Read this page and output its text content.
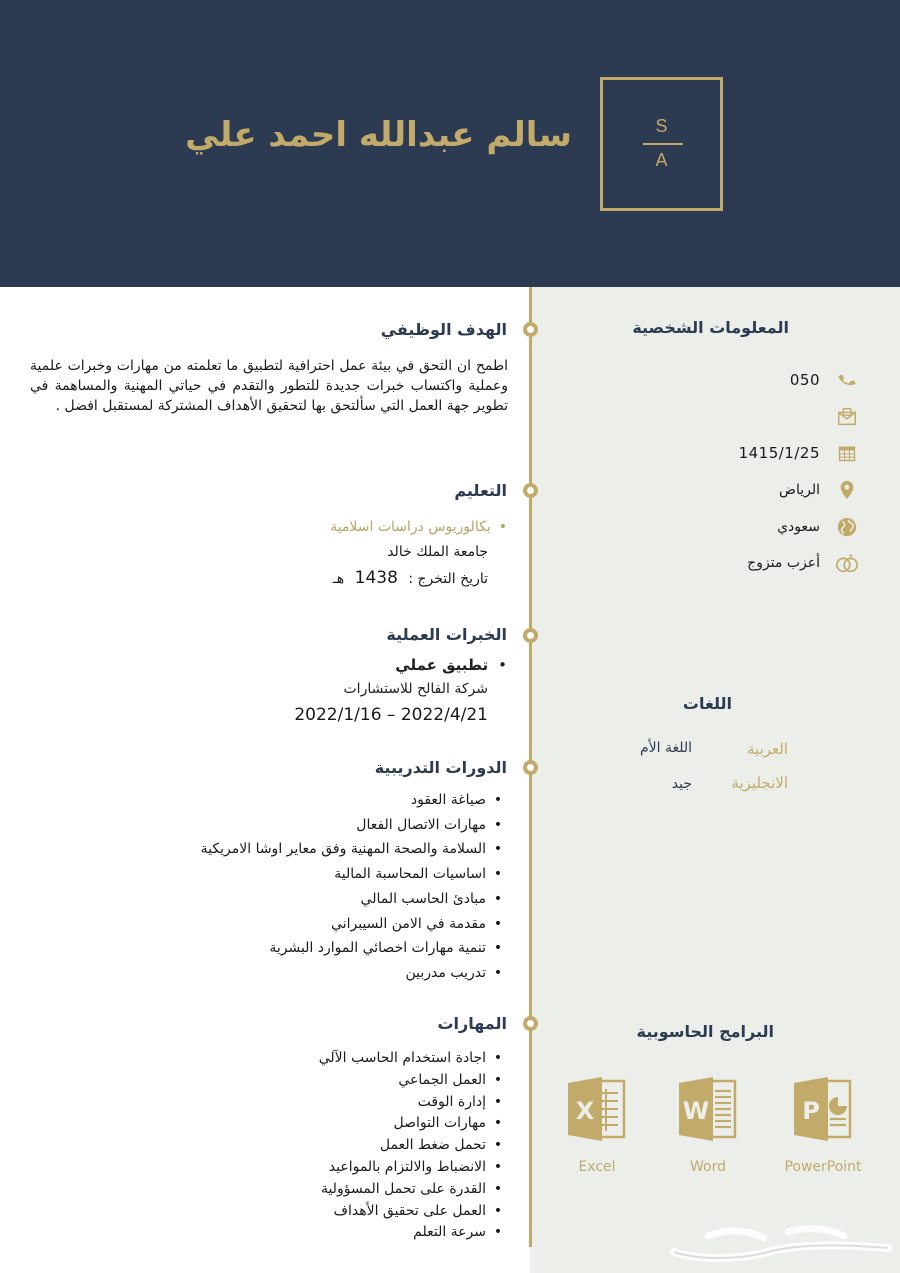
سالم عبدالله احمد علي	S
A
الهدف الوظيفي
اطمح ان التحق في بيئة عمل احترافية لتطبيق ما تعلمته من مهارات وخبرات علمية وعملية واكتساب خبرات جديدة للتطور والتقدم في حياتي المهنية والمساهمة في تطوير جهة العمل التي سألتحق بها لتحقيق الأهداف المشتركة لمستقبل افضل .
التعليم
• بكالوريوس دراسات اسلامية
جامعة الملك خالد
تاريخ التخرج : 1438 هـ
الخبرات العملية
• تطبيق عملي
شركة الفالح للاستشارات
2022/1/16 – 2022/4/21
الدورات التدريبية
• صياغة العقود
• مهارات الاتصال الفعال
• السلامة والصحة المهنية وفق معاير اوشا الامريكية
• اساسيات المحاسبة المالية
• مبادئ الحاسب المالي
• مقدمة في الامن السيبراني
• تنمية مهارات اخصائي الموارد البشرية
• تدريب مدربين
المهارات
• اجادة استخدام الحاسب الآلي
• العمل الجماعي
• إدارة الوقت
• مهارات التواصل
• تحمل ضغط العمل
• الانضباط والالتزام بالمواعيد
• القدرة على تحمل المسؤولية
• العمل على تحقيق الأهداف
• سرعة التعلم
المعلومات الشخصية
050
1415/1/25
الرياض
سعودي
أعزب متزوج
اللغات
العربية
اللغة الأم
الانجليزية
جيد
البرامج الحاسوبية
X
Excel
W
Word
P
PowerPoint
